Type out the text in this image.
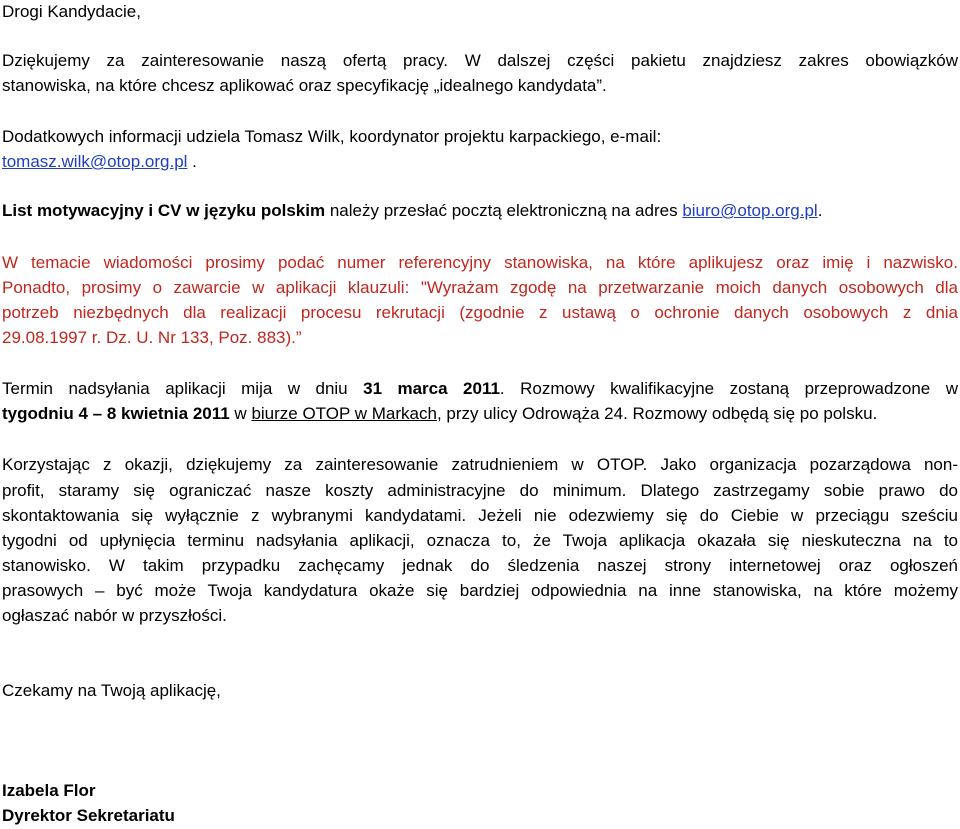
Drogi Kandydacie,
Dziękujemy za zainteresowanie naszą ofertą pracy. W dalszej części pakietu znajdziesz zakres obowiązków
stanowiska, na które chcesz aplikować oraz specyfikację „idealnego kandydata”.
Dodatkowych informacji udziela Tomasz Wilk, koordynator projektu karpackiego, e-mail:
tomasz.wilk@otop.org.pl .
List motywacyjny i CV w języku polskim należy przesłać pocztą elektroniczną na adres biuro@otop.org.pl.
W temacie wiadomości prosimy podać numer referencyjny stanowiska, na które aplikujesz oraz imię i nazwisko.
Ponadto, prosimy o zawarcie w aplikacji klauzuli: "Wyrażam zgodę na przetwarzanie moich danych osobowych dla
potrzeb niezbędnych dla realizacji procesu rekrutacji (zgodnie z ustawą o ochronie danych osobowych z dnia
29.08.1997 r. Dz. U. Nr 133, Poz. 883).”
Termin nadsyłania aplikacji mija w dniu 31 marca 2011. Rozmowy kwalifikacyjne zostaną przeprowadzone w
tygodniu 4 – 8 kwietnia 2011 w biurze OTOP w Markach, przy ulicy Odrowąża 24. Rozmowy odbędą się po polsku.
Korzystając z okazji, dziękujemy za zainteresowanie zatrudnieniem w OTOP. Jako organizacja pozarządowa non-
profit, staramy się ograniczać nasze koszty administracyjne do minimum. Dlatego zastrzegamy sobie prawo do
skontaktowania się wyłącznie z wybranymi kandydatami. Jeżeli nie odezwiemy się do Ciebie w przeciągu sześciu
tygodni od upłynięcia terminu nadsyłania aplikacji, oznacza to, że Twoja aplikacja okazała się nieskuteczna na to
stanowisko. W takim przypadku zachęcamy jednak do śledzenia naszej strony internetowej oraz ogłoszeń
prasowych – być może Twoja kandydatura okaże się bardziej odpowiednia na inne stanowiska, na które możemy
ogłaszać nabór w przyszłości.
Czekamy na Twoją aplikację,
Izabela Flor
Dyrektor Sekretariatu
